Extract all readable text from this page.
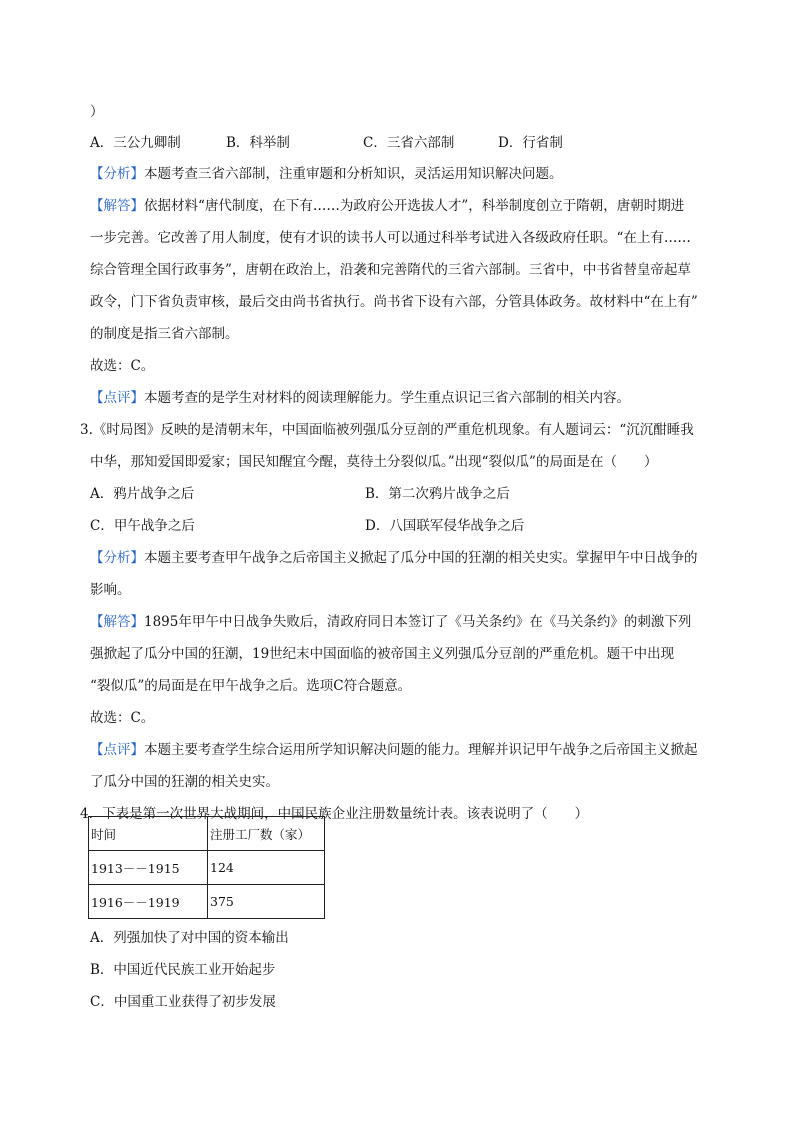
）
A．三公九卿制	B．科举制	C．三省六部制	D．行省制
【分析】本题考查三省六部制，注重审题和分析知识，灵活运用知识解决问题。
【解答】依据材料“唐代制度，在下有……为政府公开选拔人才”，科举制度创立于隋朝，唐朝时期进
一步完善。它改善了用人制度，使有才识的读书人可以通过科举考试进入各级政府任职。“在上有……
综合管理全国行政事务”，唐朝在政治上，沿袭和完善隋代的三省六部制。三省中，中书省替皇帝起草
政令，门下省负责审核，最后交由尚书省执行。尚书省下设有六部，分管具体政务。故材料中“在上有”
的制度是指三省六部制。
故选：C。
【点评】本题考查的是学生对材料的阅读理解能力。学生重点识记三省六部制的相关内容。
3.《时局图》反映的是清朝末年，中国面临被列强瓜分豆剖的严重危机现象。有人题词云：“沉沉酣睡我
中华，那知爱国即爱家；国民知醒宜今醒，莫待土分裂似瓜。”出现“裂似瓜”的局面是在（　　）
A．鸦片战争之后	B．第二次鸦片战争之后
C．甲午战争之后	D．八国联军侵华战争之后
【分析】本题主要考查甲午战争之后帝国主义掀起了瓜分中国的狂潮的相关史实。掌握甲午中日战争的
影响。
【解答】1895年甲午中日战争失败后，清政府同日本签订了《马关条约》在《马关条约》的刺激下列
强掀起了瓜分中国的狂潮，19世纪末中国面临的被帝国主义列强瓜分豆剖的严重危机。题干中出现
“裂似瓜”的局面是在甲午战争之后。选项C符合题意。
故选：C。
【点评】本题主要考查学生综合运用所学知识解决问题的能力。理解并识记甲午战争之后帝国主义掀起
了瓜分中国的狂潮的相关史实。
4．下表是第一次世界大战期间，中国民族企业注册数量统计表。该表说明了（　　）
时间	注册工厂数（家）
1913－－1915	124
1916－－1919	375
A．列强加快了对中国的资本输出
B．中国近代民族工业开始起步
C．中国重工业获得了初步发展
